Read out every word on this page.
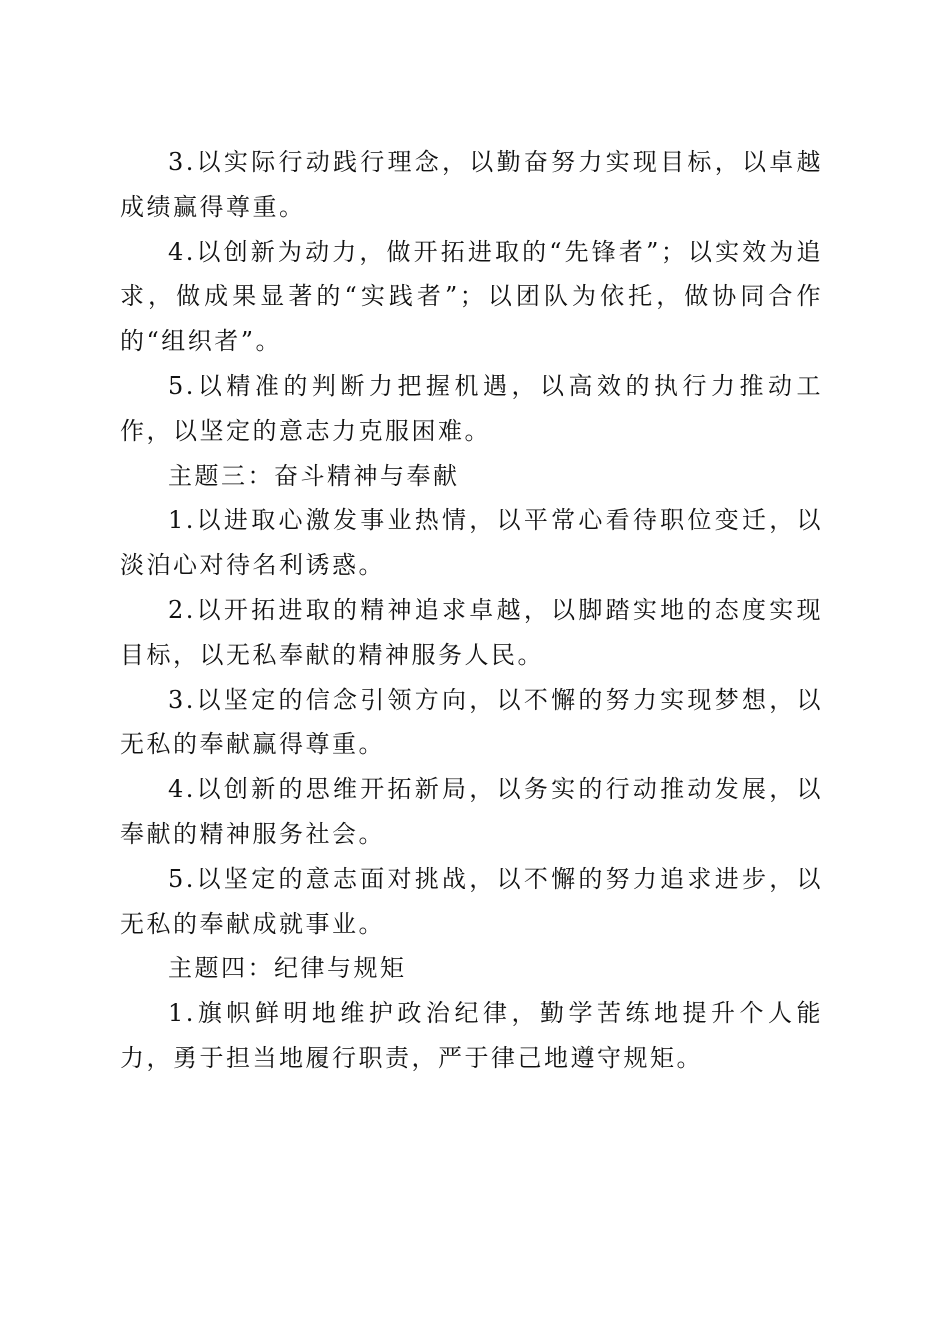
3.以实际行动践行理念，以勤奋努力实现目标，以卓越成绩赢得尊重。

4.以创新为动力，做开拓进取的“先锋者”；以实效为追求，做成果显著的“实践者”；以团队为依托，做协同合作的“组织者”。

5.以精准的判断力把握机遇，以高效的执行力推动工作，以坚定的意志力克服困难。

主题三：奋斗精神与奉献

1.以进取心激发事业热情，以平常心看待职位变迁，以淡泊心对待名利诱惑。

2.以开拓进取的精神追求卓越，以脚踏实地的态度实现目标，以无私奉献的精神服务人民。

3.以坚定的信念引领方向，以不懈的努力实现梦想，以无私的奉献赢得尊重。

4.以创新的思维开拓新局，以务实的行动推动发展，以奉献的精神服务社会。

5.以坚定的意志面对挑战，以不懈的努力追求进步，以无私的奉献成就事业。

主题四：纪律与规矩

1.旗帜鲜明地维护政治纪律，勤学苦练地提升个人能力，勇于担当地履行职责，严于律己地遵守规矩。
